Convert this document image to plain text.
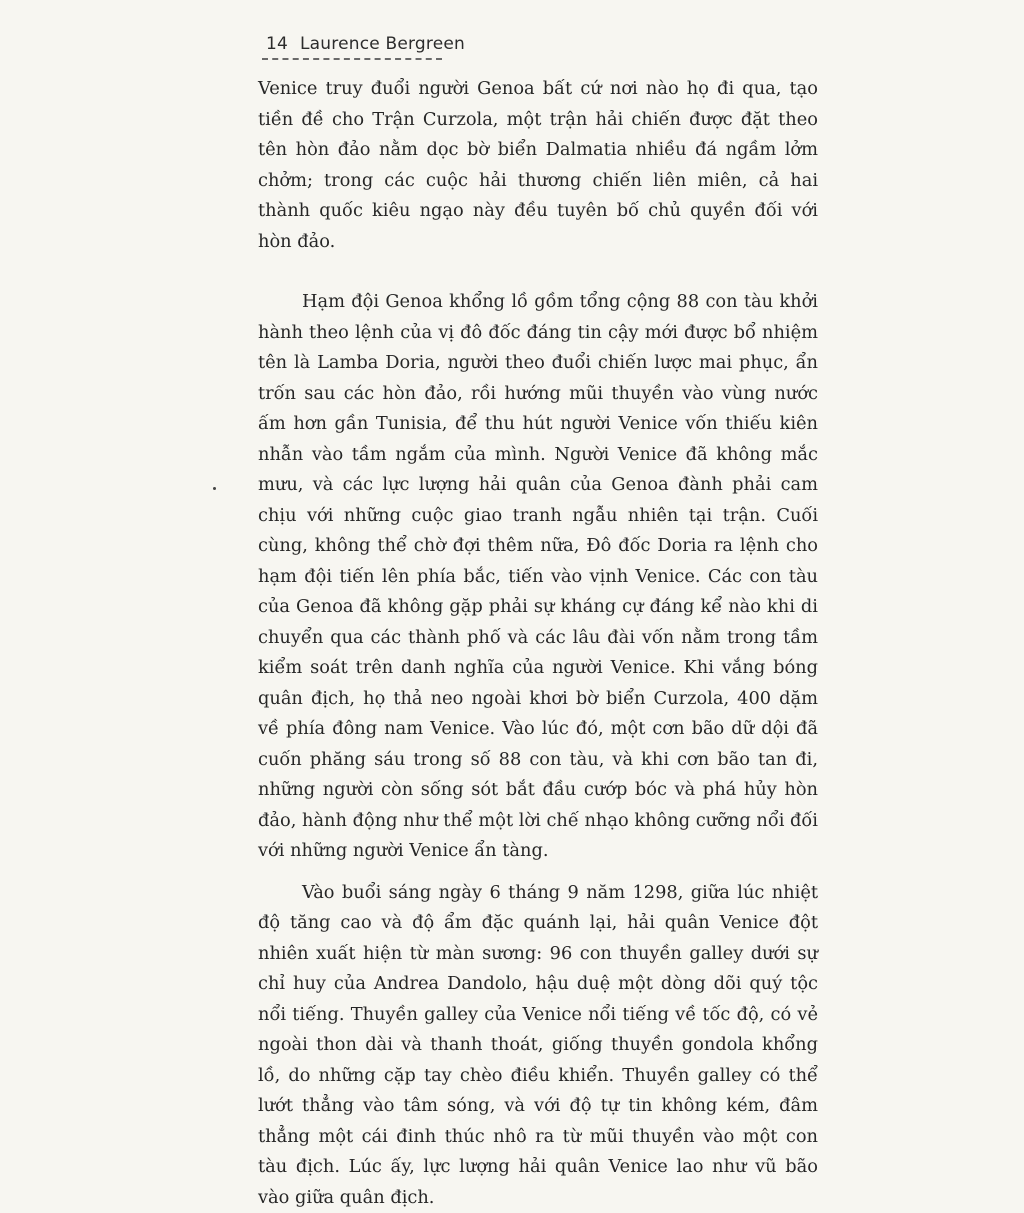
14 Laurence Bergreen

Venice truy đuổi người Genoa bất cứ nơi nào họ đi qua, tạo tiền đề cho Trận Curzola, một trận hải chiến được đặt theo tên hòn đảo nằm dọc bờ biển Dalmatia nhiều đá ngầm lởm chởm; trong các cuộc hải thương chiến liên miên, cả hai thành quốc kiêu ngạo này đều tuyên bố chủ quyền đối với hòn đảo.

Hạm đội Genoa khổng lồ gồm tổng cộng 88 con tàu khởi hành theo lệnh của vị đô đốc đáng tin cậy mới được bổ nhiệm tên là Lamba Doria, người theo đuổi chiến lược mai phục, ẩn trốn sau các hòn đảo, rồi hướng mũi thuyền vào vùng nước ấm hơn gần Tunisia, để thu hút người Venice vốn thiếu kiên nhẫn vào tầm ngắm của mình. Người Venice đã không mắc mưu, và các lực lượng hải quân của Genoa đành phải cam chịu với những cuộc giao tranh ngẫu nhiên tại trận. Cuối cùng, không thể chờ đợi thêm nữa, Đô đốc Doria ra lệnh cho hạm đội tiến lên phía bắc, tiến vào vịnh Venice. Các con tàu của Genoa đã không gặp phải sự kháng cự đáng kể nào khi di chuyển qua các thành phố và các lâu đài vốn nằm trong tầm kiểm soát trên danh nghĩa của người Venice. Khi vắng bóng quân địch, họ thả neo ngoài khơi bờ biển Curzola, 400 dặm về phía đông nam Venice. Vào lúc đó, một cơn bão dữ dội đã cuốn phăng sáu trong số 88 con tàu, và khi cơn bão tan đi, những người còn sống sót bắt đầu cướp bóc và phá hủy hòn đảo, hành động như thể một lời chế nhạo không cưỡng nổi đối với những người Venice ẩn tàng.

Vào buổi sáng ngày 6 tháng 9 năm 1298, giữa lúc nhiệt độ tăng cao và độ ẩm đặc quánh lại, hải quân Venice đột nhiên xuất hiện từ màn sương: 96 con thuyền galley dưới sự chỉ huy của Andrea Dandolo, hậu duệ một dòng dõi quý tộc nổi tiếng. Thuyền galley của Venice nổi tiếng về tốc độ, có vẻ ngoài thon dài và thanh thoát, giống thuyền gondola khổng lồ, do những cặp tay chèo điều khiển. Thuyền galley có thể lướt thẳng vào tâm sóng, và với độ tự tin không kém, đâm thẳng một cái đinh thúc nhô ra từ mũi thuyền vào một con tàu địch. Lúc ấy, lực lượng hải quân Venice lao như vũ bão vào giữa quân địch.
